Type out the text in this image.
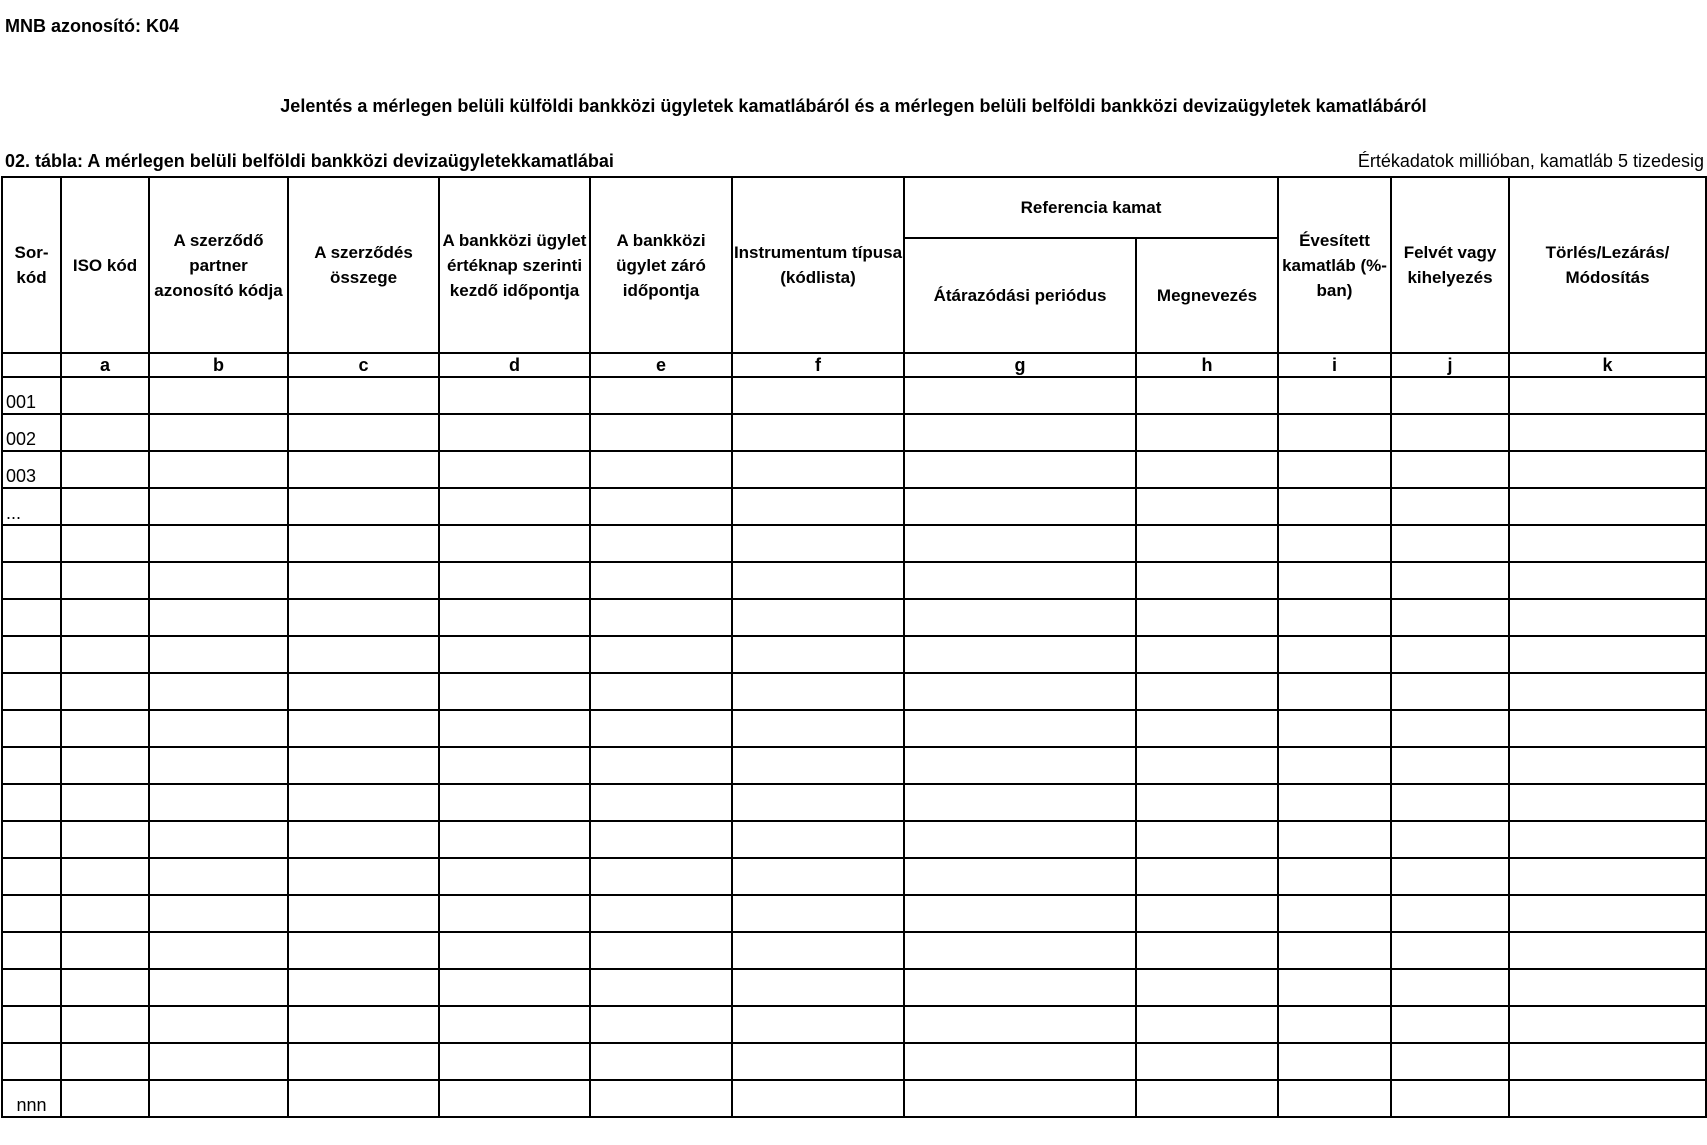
MNB azonosító: K04
Jelentés a mérlegen belüli külföldi bankközi ügyletek kamatlábáról és a mérlegen belüli belföldi bankközi devizaügyletek kamatlábáról
02. tábla: A mérlegen belüli belföldi bankközi devizaügyletekkamatlábai	Értékadatok millióban, kamatláb 5 tizedesig
Sor-kód	ISO kód	A szerződő partner azonosító kódja	A szerződés összege	A bankközi ügylet értéknap szerinti kezdő időpontja	A bankközi ügylet záró időpontja	Instrumentum típusa (kódlista)	Referencia kamat		Évesített kamatláb (%-ban)	Felvét vagy kihelyezés	Törlés/Lezárás/ Módosítás
							Átárazódási periódus	Megnevezés			
	a	b	c	d	e	f	g	h	i	j	k
001											
002											
003											
...											

nnn											
